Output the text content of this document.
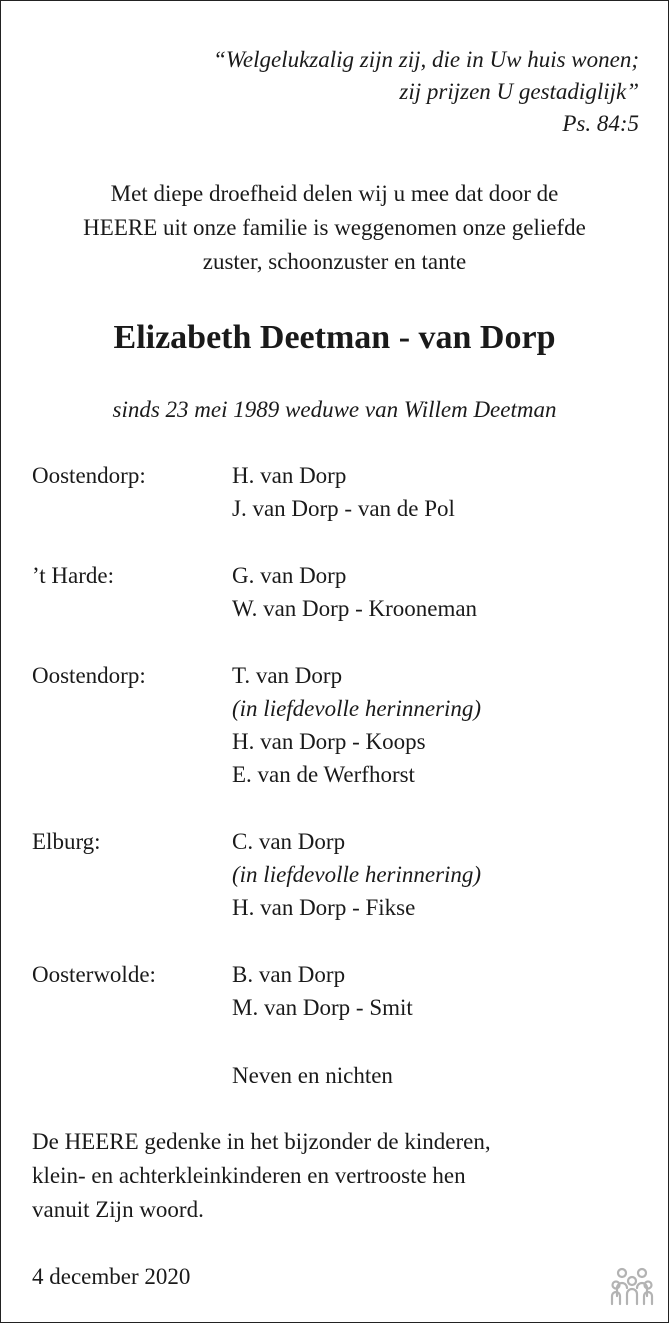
“Welgelukzalig zijn zij, die in Uw huis wonen;
zij prijzen U gestadiglijk”
Ps. 84:5
Met diepe droefheid delen wij u mee dat door de
HEERE uit onze familie is weggenomen onze geliefde
zuster, schoonzuster en tante
Elizabeth Deetman - van Dorp
sinds 23 mei 1989 weduwe van Willem Deetman
Oostendorp:	H. van Dorp
J. van Dorp - van de Pol
’t Harde:	G. van Dorp
W. van Dorp - Krooneman
Oostendorp:	T. van Dorp
(in liefdevolle herinnering)
H. van Dorp - Koops
E. van de Werfhorst
Elburg:	C. van Dorp
(in liefdevolle herinnering)
H. van Dorp - Fikse
Oosterwolde:	B. van Dorp
M. van Dorp - Smit
Neven en nichten
De HEERE gedenke in het bijzonder de kinderen,
klein- en achterkleinkinderen en vertrooste hen
vanuit Zijn woord.
4 december 2020
